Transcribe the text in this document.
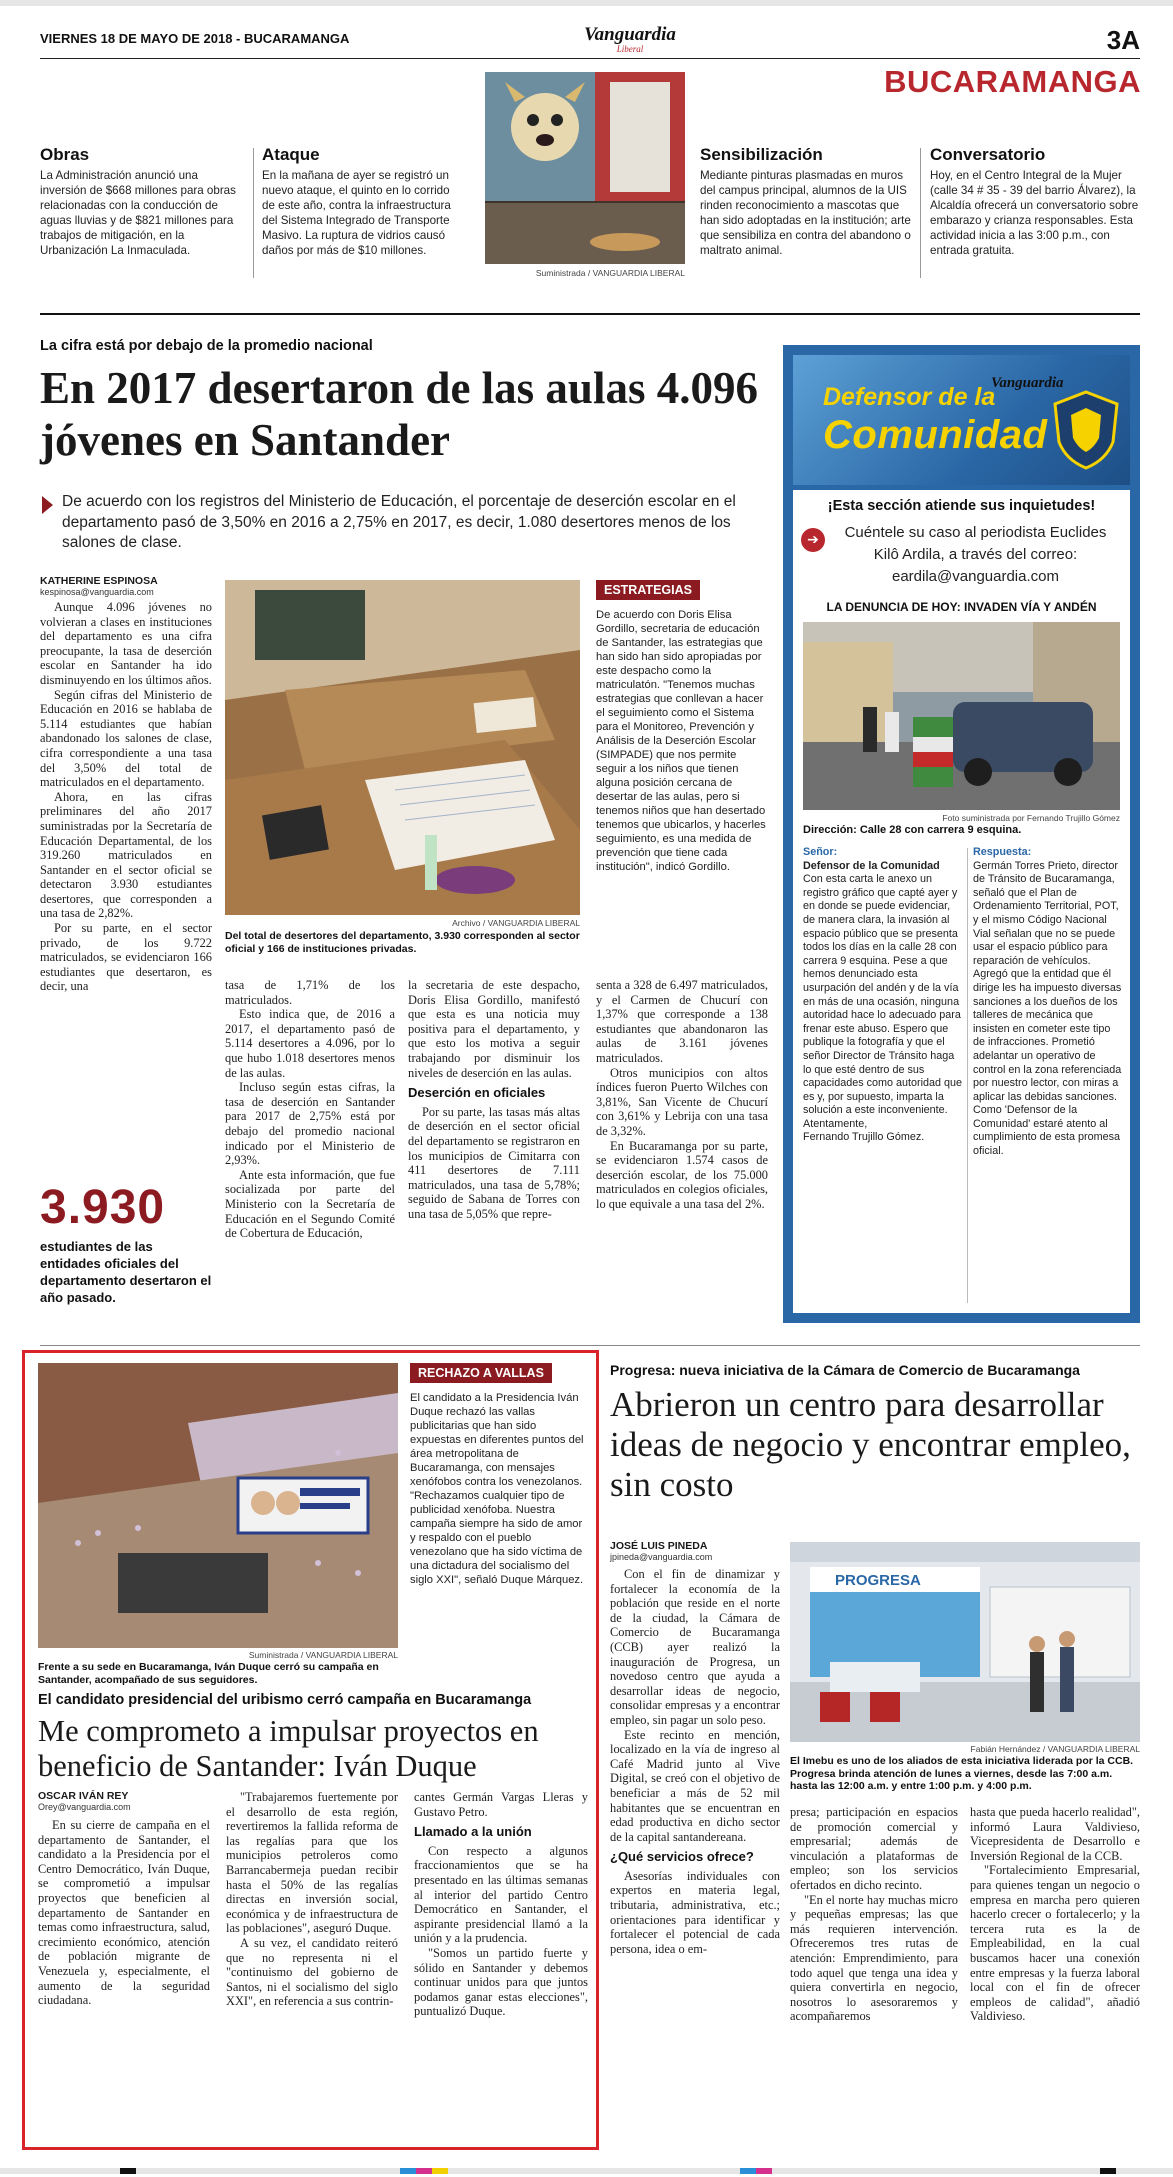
VIERNES 18 DE MAYO DE 2018 - BUCARAMANGA	Vanguardia
Liberal	3A
BUCARAMANGA
Obras
La Administración anunció una inversión de $668 millones para obras relacionadas con la conducción de aguas lluvias y de $821 millones para trabajos de mitigación, en la Urbanización La Inmaculada.
Ataque
En la mañana de ayer se registró un nuevo ataque, el quinto en lo corrido de este año, contra la infraestructura del Sistema Integrado de Transporte Masivo. La ruptura de vidrios causó daños por más de $10 millones.
Suministrada / VANGUARDIA LIBERAL
Sensibilización
Mediante pinturas plasmadas en muros del campus principal, alumnos de la UIS rinden reconocimiento a mascotas que han sido adoptadas en la institución; arte que sensibiliza en contra del abandono o maltrato animal.
Conversatorio
Hoy, en el Centro Integral de la Mujer (calle 34 # 35 - 39 del barrio Álvarez), la Alcaldía ofrecerá un conversatorio sobre embarazo y crianza responsables. Esta actividad inicia a las 3:00 p.m., con entrada gratuita.
La cifra está por debajo de la promedio nacional
En 2017 desertaron de las aulas 4.096 jóvenes en Santander
De acuerdo con los registros del Ministerio de Educación, el porcentaje de deserción escolar en el departamento pasó de 3,50% en 2016 a 2,75% en 2017, es decir, 1.080 desertores menos de los salones de clase.
KATHERINE ESPINOSA
kespinosa@vanguardia.com

Aunque 4.096 jóvenes no volvieran a clases en instituciones del departamento es una cifra preocupante, la tasa de deserción escolar en Santander ha ido disminuyendo en los últimos años.

Según cifras del Ministerio de Educación en 2016 se hablaba de 5.114 estudiantes que habían abandonado los salones de clase, cifra correspondiente a una tasa del 3,50% del total de matriculados en el departamento.

Ahora, en las cifras preliminares del año 2017 suministradas por la Secretaría de Educación Departamental, de los 319.260 matriculados en Santander en el sector oficial se detectaron 3.930 estudiantes desertores, que corresponden a una tasa de 2,82%.

Por su parte, en el sector privado, de los 9.722 matriculados, se evidenciaron 166 estudiantes que desertaron, es decir, una

3.930
estudiantes de las entidades oficiales del departamento desertaron el año pasado.
Archivo / VANGUARDIA LIBERAL
Del total de desertores del departamento, 3.930 corresponden al sector oficial y 166 de instituciones privadas.

tasa de 1,71% de los matriculados.

Esto indica que, de 2016 a 2017, el departamento pasó de 5.114 desertores a 4.096, por lo que hubo 1.018 desertores menos de las aulas.

Incluso según estas cifras, la tasa de deserción en Santander para 2017 de 2,75% está por debajo del promedio nacional indicado por el Ministerio de 2,93%.

Ante esta información, que fue socializada por parte del Ministerio con la Secretaría de Educación en el Segundo Comité de Cobertura de Educación,

la secretaria de este despacho, Doris Elisa Gordillo, manifestó que esta es una noticia muy positiva para el departamento, y que esto los motiva a seguir trabajando por disminuir los niveles de deserción en las aulas.

Deserción en oficiales

Por su parte, las tasas más altas de deserción en el sector oficial del departamento se registraron en los municipios de Cimitarra con 411 desertores de 7.111 matriculados, una tasa de 5,78%; seguido de Sabana de Torres con una tasa de 5,05% que repre-

ESTRATEGIAS
De acuerdo con Doris Elisa Gordillo, secretaria de educación de Santander, las estrategias que han sido han sido apropiadas por este despacho como la matriculatón. "Tenemos muchas estrategias que conllevan a hacer el seguimiento como el Sistema para el Monitoreo, Prevención y Análisis de la Deserción Escolar (SIMPADE) que nos permite seguir a los niños que tienen alguna posición cercana de desertar de las aulas, pero si tenemos niños que han desertado tenemos que ubicarlos, y hacerles seguimiento, es una medida de prevención que tiene cada institución", indicó Gordillo.

senta a 328 de 6.497 matriculados, y el Carmen de Chucurí con 1,37% que corresponde a 138 estudiantes que abandonaron las aulas de 3.161 jóvenes matriculados.

Otros municipios con altos índices fueron Puerto Wilches con 3,81%, San Vicente de Chucurí con 3,61% y Lebrija con una tasa de 3,32%.

En Bucaramanga por su parte, se evidenciaron 1.574 casos de deserción escolar, de los 75.000 matriculados en colegios oficiales, lo que equivale a una tasa del 2%.

Defensor de la
Comunidad
Vanguardia
¡Esta sección atiende sus inquietudes!
➔	Cuéntele su caso al periodista Euclides Kilô Ardila, a través del correo: eardila@vanguardia.com
LA DENUNCIA DE HOY: INVADEN VÍA Y ANDÉN
Foto suministrada por Fernando Trujillo Gómez
Dirección: Calle 28 con carrera 9 esquina.
Señor:
Defensor de la Comunidad
Con esta carta le anexo un registro gráfico que capté ayer y en donde se puede evidenciar, de manera clara, la invasión al espacio público que se presenta todos los días en la calle 28 con carrera 9 esquina. Pese a que hemos denunciado esta usurpación del andén y de la vía en más de una ocasión, ninguna autoridad hace lo adecuado para frenar este abuso. Espero que publique la fotografía y que el señor Director de Tránsito haga lo que esté dentro de sus capacidades como autoridad que es y, por supuesto, imparta la solución a este inconveniente.
Atentamente,
Fernando Trujillo Gómez.
Respuesta:
Germán Torres Prieto, director de Tránsito de Bucaramanga, señaló que el Plan de Ordenamiento Territorial, POT, y el mismo Código Nacional Vial señalan que no se puede usar el espacio público para reparación de vehículos. Agregó que la entidad que él dirige les ha impuesto diversas sanciones a los dueños de los talleres de mecánica que insisten en cometer este tipo de infracciones. Prometió adelantar un operativo de control en la zona referenciada por nuestro lector, con miras a aplicar las debidas sanciones. Como 'Defensor de la Comunidad' estaré atento al cumplimiento de esta promesa oficial.
Suministrada / VANGUARDIA LIBERAL
Frente a su sede en Bucaramanga, Iván Duque cerró su campaña en Santander, acompañado de sus seguidores.
RECHAZO A VALLAS
El candidato a la Presidencia Iván Duque rechazó las vallas publicitarias que han sido expuestas en diferentes puntos del área metropolitana de Bucaramanga, con mensajes xenófobos contra los venezolanos. "Rechazamos cualquier tipo de publicidad xenófoba. Nuestra campaña siempre ha sido de amor y respaldo con el pueblo venezolano que ha sido víctima de una dictadura del socialismo del siglo XXI", señaló Duque Márquez.
El candidato presidencial del uribismo cerró campaña en Bucaramanga
Me comprometo a impulsar proyectos en beneficio de Santander: Iván Duque
OSCAR IVÁN REY
Orey@vanguardia.com

En su cierre de campaña en el departamento de Santander, el candidato a la Presidencia por el Centro Democrático, Iván Duque, se comprometió a impulsar proyectos que beneficien al departamento de Santander en temas como infraestructura, salud, crecimiento económico, atención de población migrante de Venezuela y, especialmente, el aumento de la seguridad ciudadana.

"Trabajaremos fuertemente por el desarrollo de esta región, revertiremos la fallida reforma de las regalías para que los municipios petroleros como Barrancabermeja puedan recibir hasta el 50% de las regalías directas en inversión social, económica y de infraestructura de las poblaciones", aseguró Duque.

A su vez, el candidato reiteró que no representa ni el "continuismo del gobierno de Santos, ni el socialismo del siglo XXI", en referencia a sus contrin-

cantes Germán Vargas Lleras y Gustavo Petro.

Llamado a la unión

Con respecto a algunos fraccionamientos que se ha presentado en las últimas semanas al interior del partido Centro Democrático en Santander, el aspirante presidencial llamó a la unión y a la prudencia.

"Somos un partido fuerte y sólido en Santander y debemos continuar unidos para que juntos podamos ganar estas elecciones", puntualizó Duque.

Progresa: nueva iniciativa de la Cámara de Comercio de Bucaramanga
Abrieron un centro para desarrollar ideas de negocio y encontrar empleo, sin costo
JOSÉ LUIS PINEDA
jpineda@vanguardia.com

Con el fin de dinamizar y fortalecer la economía de la población que reside en el norte de la ciudad, la Cámara de Comercio de Bucaramanga (CCB) ayer realizó la inauguración de Progresa, un novedoso centro que ayuda a desarrollar ideas de negocio, consolidar empresas y a encontrar empleo, sin pagar un solo peso.

Este recinto en mención, localizado en la vía de ingreso al Café Madrid junto al Vive Digital, se creó con el objetivo de beneficiar a más de 52 mil habitantes que se encuentran en edad productiva en dicho sector de la capital santandereana.

¿Qué servicios ofrece?

Asesorías individuales con expertos en materia legal, tributaria, administrativa, etc.; orientaciones para identificar y fortalecer el potencial de cada persona, idea o em-

PROGRESA
Fabián Hernández / VANGUARDIA LIBERAL
El Imebu es uno de los aliados de esta iniciativa liderada por la CCB. Progresa brinda atención de lunes a viernes, desde las 7:00 a.m. hasta las 12:00 a.m. y entre 1:00 p.m. y 4:00 p.m.

presa; participación en espacios de promoción comercial y empresarial; además de vinculación a plataformas de empleo; son los servicios ofertados en dicho recinto.

"En el norte hay muchas micro y pequeñas empresas; las que más requieren intervención. Ofreceremos tres rutas de atención: Emprendimiento, para todo aquel que tenga una idea y quiera convertirla en negocio, nosotros lo asesoraremos y acompañaremos

hasta que pueda hacerlo realidad", informó Laura Valdivieso, Vicepresidenta de Desarrollo e Inversión Regional de la CCB.

"Fortalecimiento Empresarial, para quienes tengan un negocio o empresa en marcha pero quieren hacerlo crecer o fortalecerlo; y la tercera ruta es la de Empleabilidad, en la cual buscamos hacer una conexión entre empresas y la fuerza laboral local con el fin de ofrecer empleos de calidad", añadió Valdivieso.
